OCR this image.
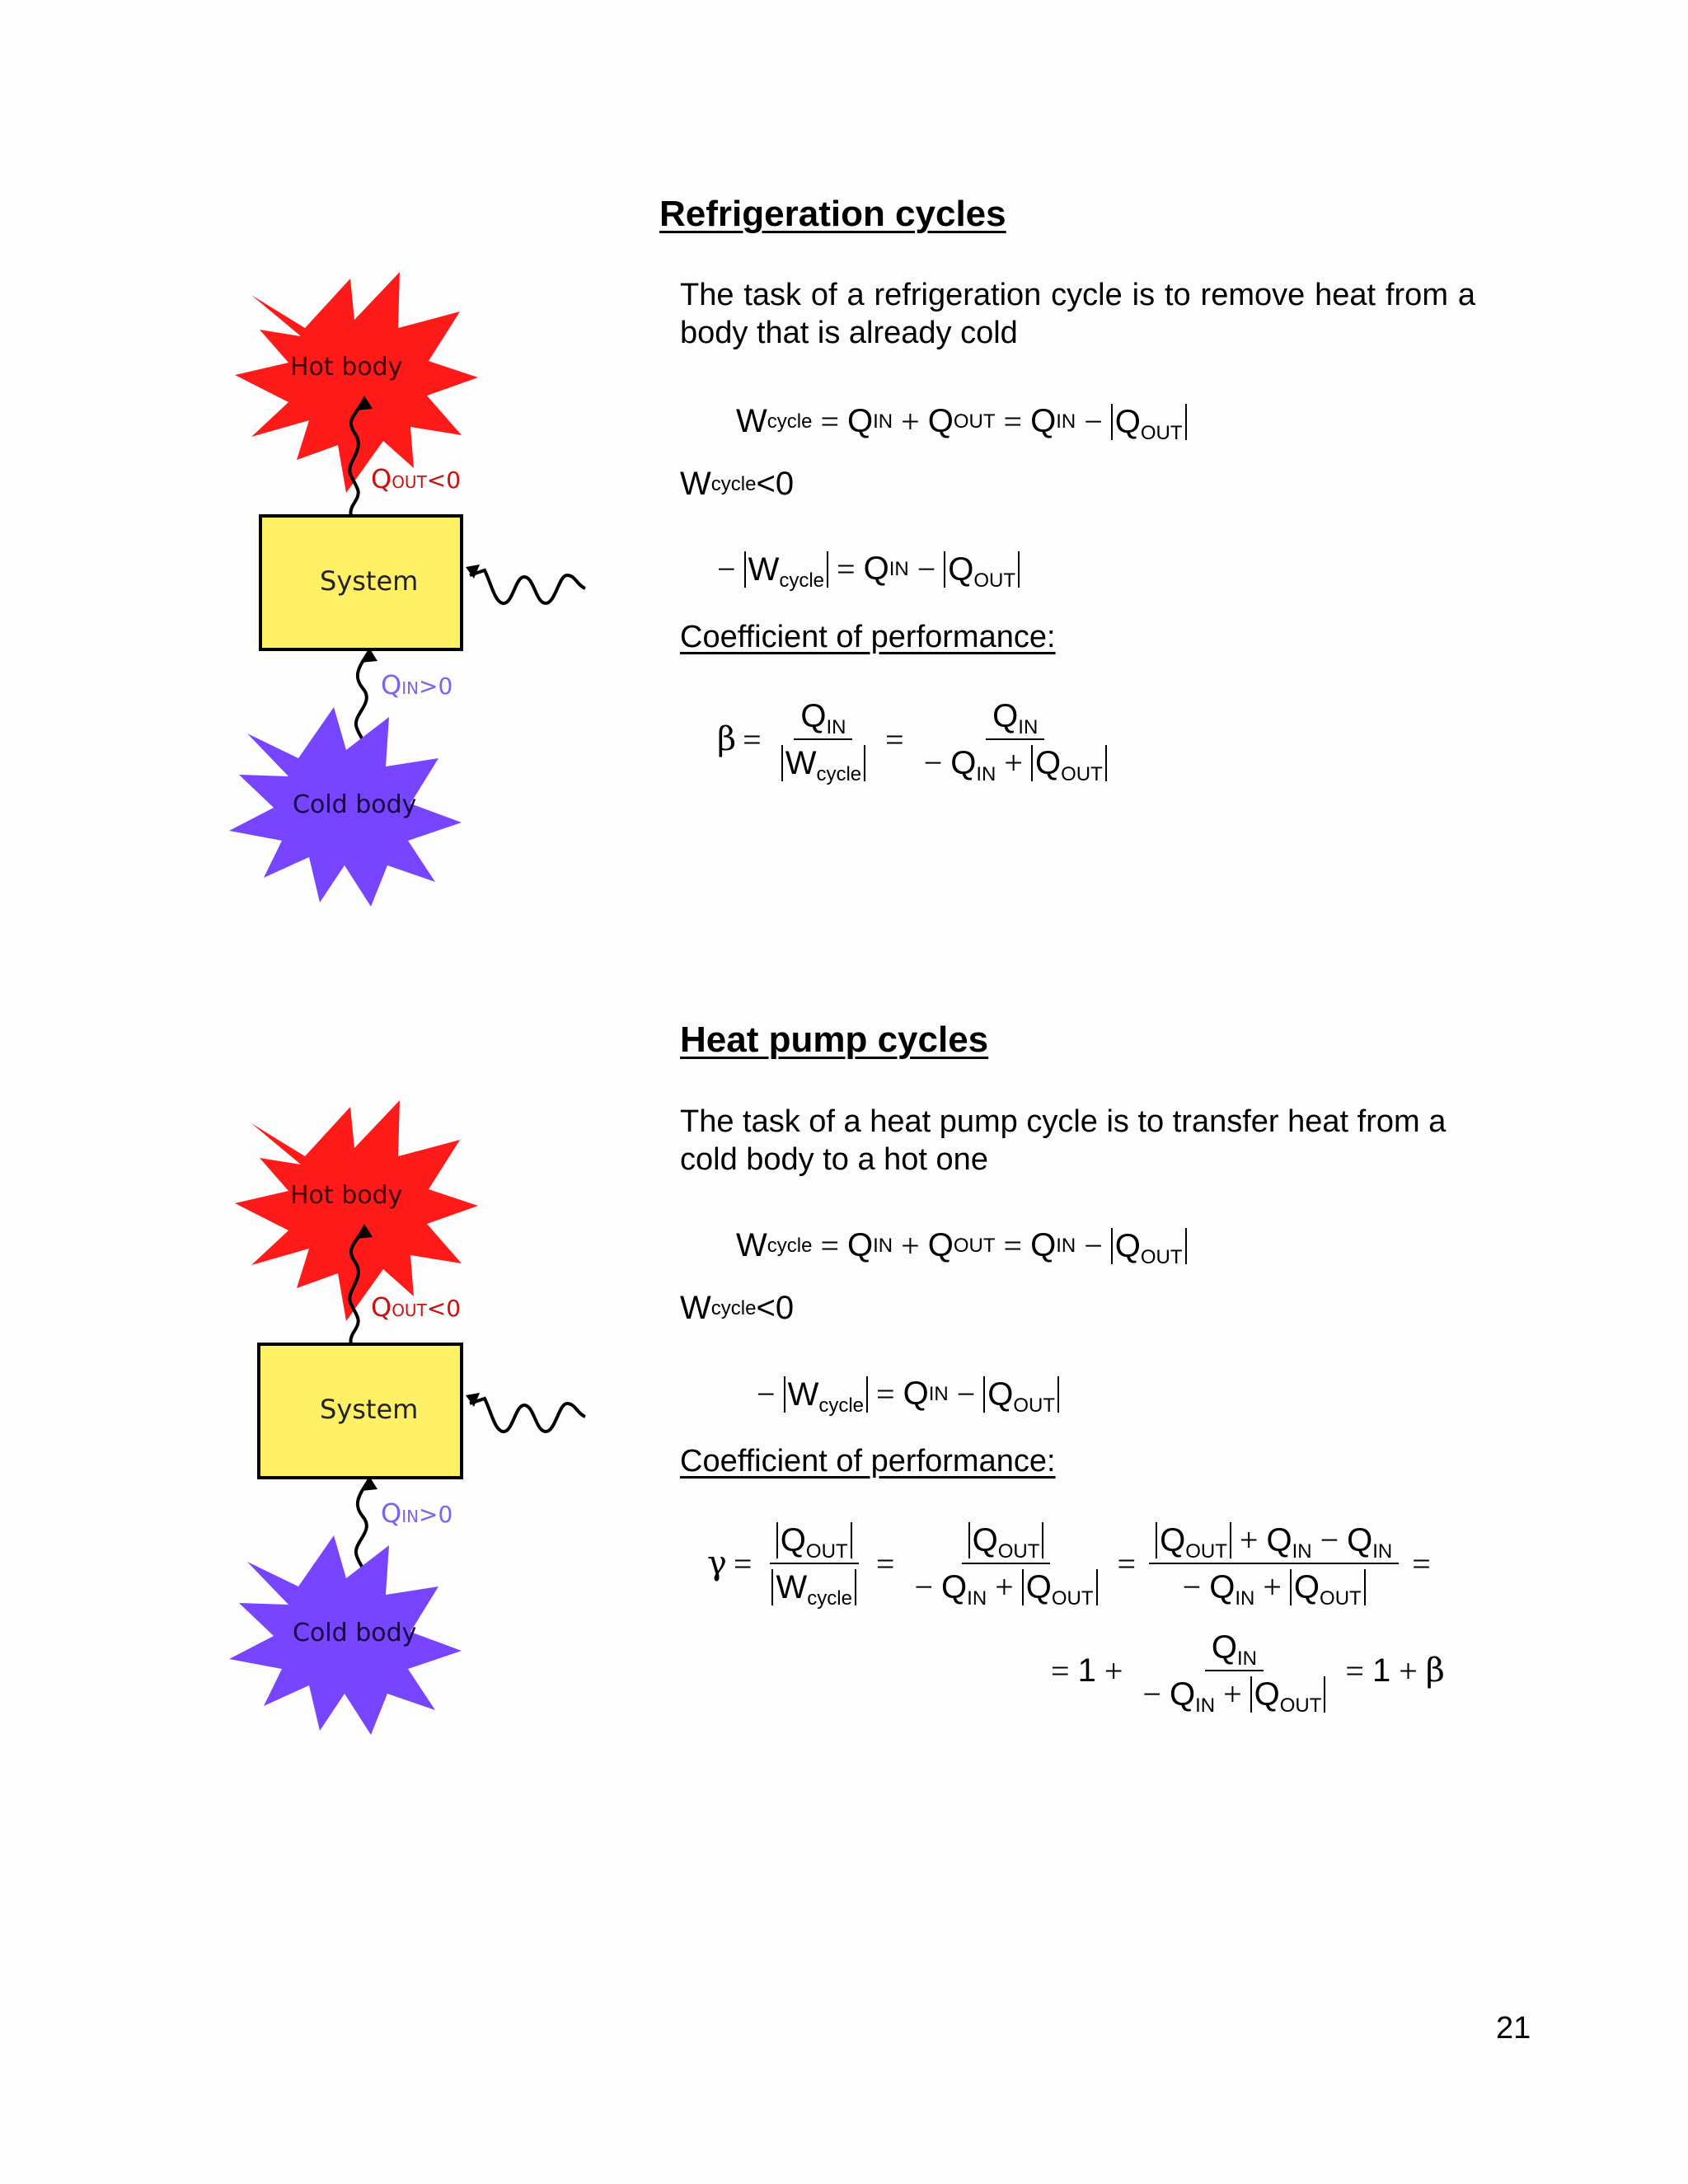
Hot body
QOUT<0
System
QIN>0
Cold body
Hot body
QOUT<0
System
QIN>0
Cold body
Refrigeration cycles
The task of a refrigeration cycle is to remove heat from a body that is already cold
W cycle = Q IN + Q OUT = Q IN − $Q_{OUT}$
W cycle <0
− $W_{cycle} = Q$ IN − $Q_{OUT}$
Coefficient of performance:
$\beta = \frac{Q_{IN}}{W_{cycle}} = \frac{Q_{IN}}{- Q_{IN} + Q_{OUT}}$
Heat pump cycles
The task of a heat pump cycle is to transfer heat from a cold body to a hot one
W cycle = Q IN + Q OUT = Q IN − $Q_{OUT}$
W cycle <0
− $W_{cycle} = Q$ IN − $Q_{OUT}$
Coefficient of performance:
$\gamma = \frac{Q_{OUT}}{W_{cycle}} = \frac{Q_{OUT}}{- Q_{IN} + Q_{OUT}} = \frac{Q_{OUT} + Q_{IN} - Q_{IN}}{- Q_{IN} + Q_{OUT}}$ =
= $1 + \frac{Q_{IN}}{- Q_{IN} + Q_{OUT}} = 1 + \beta$
21
